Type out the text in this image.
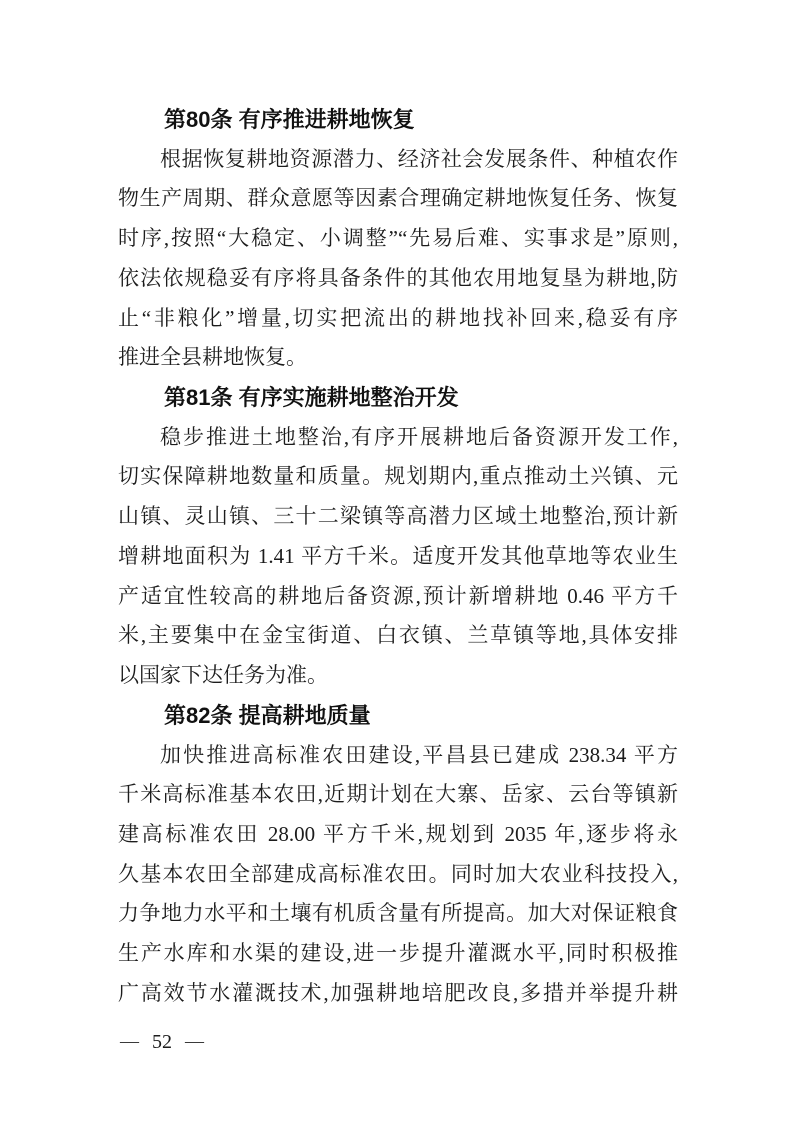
第80条 有序推进耕地恢复
根据恢复耕地资源潜力、经济社会发展条件、种植农作
物生产周期、群众意愿等因素合理确定耕地恢复任务、恢复
时序,按照“大稳定、小调整”“先易后难、实事求是”原则,
依法依规稳妥有序将具备条件的其他农用地复垦为耕地,防
止“非粮化”增量,切实把流出的耕地找补回来,稳妥有序
推进全县耕地恢复。
第81条 有序实施耕地整治开发
稳步推进土地整治,有序开展耕地后备资源开发工作,
切实保障耕地数量和质量。规划期内,重点推动土兴镇、元
山镇、灵山镇、三十二梁镇等高潜力区域土地整治,预计新
增耕地面积为 1.41 平方千米。适度开发其他草地等农业生
产适宜性较高的耕地后备资源,预计新增耕地 0.46 平方千
米,主要集中在金宝街道、白衣镇、兰草镇等地,具体安排
以国家下达任务为准。
第82条 提高耕地质量
加快推进高标准农田建设,平昌县已建成 238.34 平方
千米高标准基本农田,近期计划在大寨、岳家、云台等镇新
建高标准农田 28.00 平方千米,规划到 2035 年,逐步将永
久基本农田全部建成高标准农田。同时加大农业科技投入,
力争地力水平和土壤有机质含量有所提高。加大对保证粮食
生产水库和水渠的建设,进一步提升灌溉水平,同时积极推
广高效节水灌溉技术,加强耕地培肥改良,多措并举提升耕
— 52 —
